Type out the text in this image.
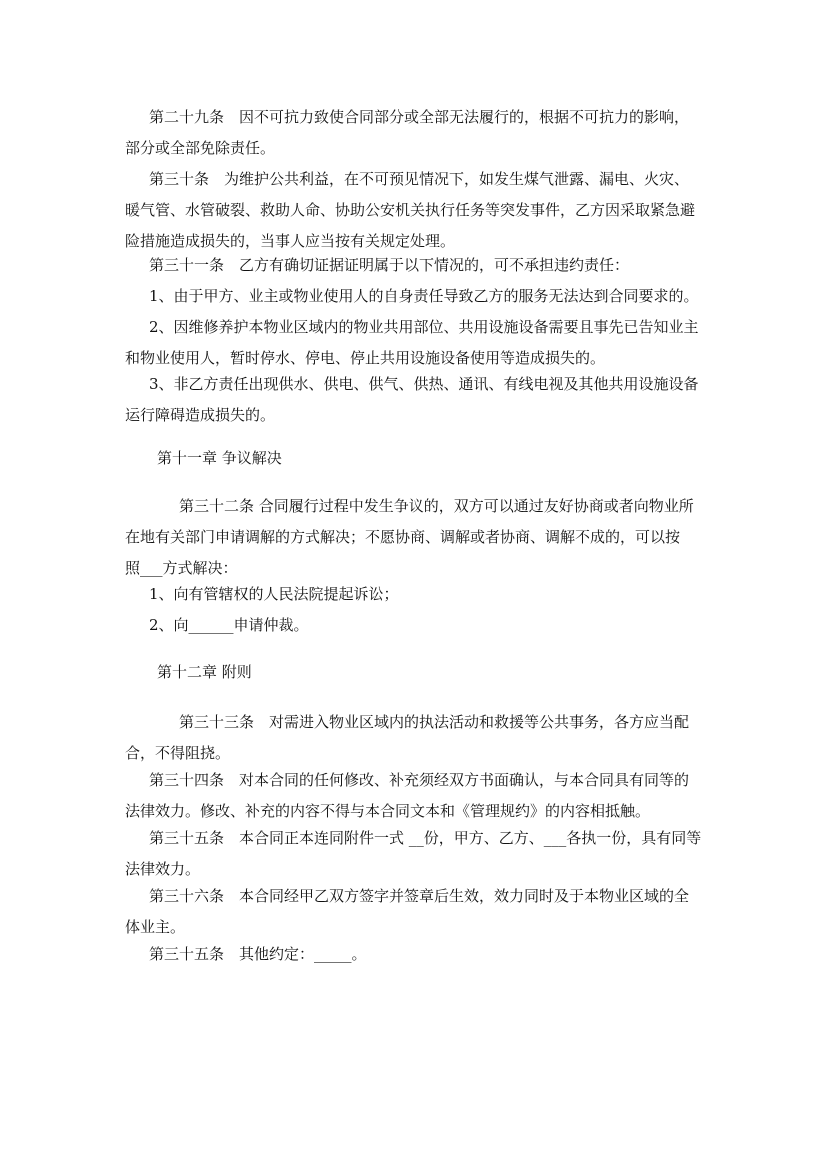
第二十九条　因不可抗力致使合同部分或全部无法履行的，根据不可抗力的影响，
部分或全部免除责任。
第三十条　为维护公共利益，在不可预见情况下，如发生煤气泄露、漏电、火灾、
暖气管、水管破裂、救助人命、协助公安机关执行任务等突发事件，乙方因采取紧急避
险措施造成损失的，当事人应当按有关规定处理。
第三十一条　乙方有确切证据证明属于以下情况的，可不承担违约责任：
1、由于甲方、业主或物业使用人的自身责任导致乙方的服务无法达到合同要求的。
2、因维修养护本物业区域内的物业共用部位、共用设施设备需要且事先已告知业主
和物业使用人，暂时停水、停电、停止共用设施设备使用等造成损失的。
3、非乙方责任出现供水、供电、供气、供热、通讯、有线电视及其他共用设施设备
运行障碍造成损失的。
第十一章 争议解决
　　第三十二条 合同履行过程中发生争议的，双方可以通过友好协商或者向物业所
在地有关部门申请调解的方式解决；不愿协商、调解或者协商、调解不成的，可以按
照___方式解决：
1、向有管辖权的人民法院提起诉讼；
2、向______申请仲裁。
第十二章 附则
　　第三十三条　对需进入物业区域内的执法活动和救援等公共事务，各方应当配
合，不得阻挠。
第三十四条　对本合同的任何修改、补充须经双方书面确认，与本合同具有同等的
法律效力。修改、补充的内容不得与本合同文本和《管理规约》的内容相抵触。
第三十五条　本合同正本连同附件一式 __份，甲方、乙方、___各执一份，具有同等
法律效力。
第三十六条　本合同经甲乙双方签字并签章后生效，效力同时及于本物业区域的全
体业主。
第三十五条　其他约定：_____。
